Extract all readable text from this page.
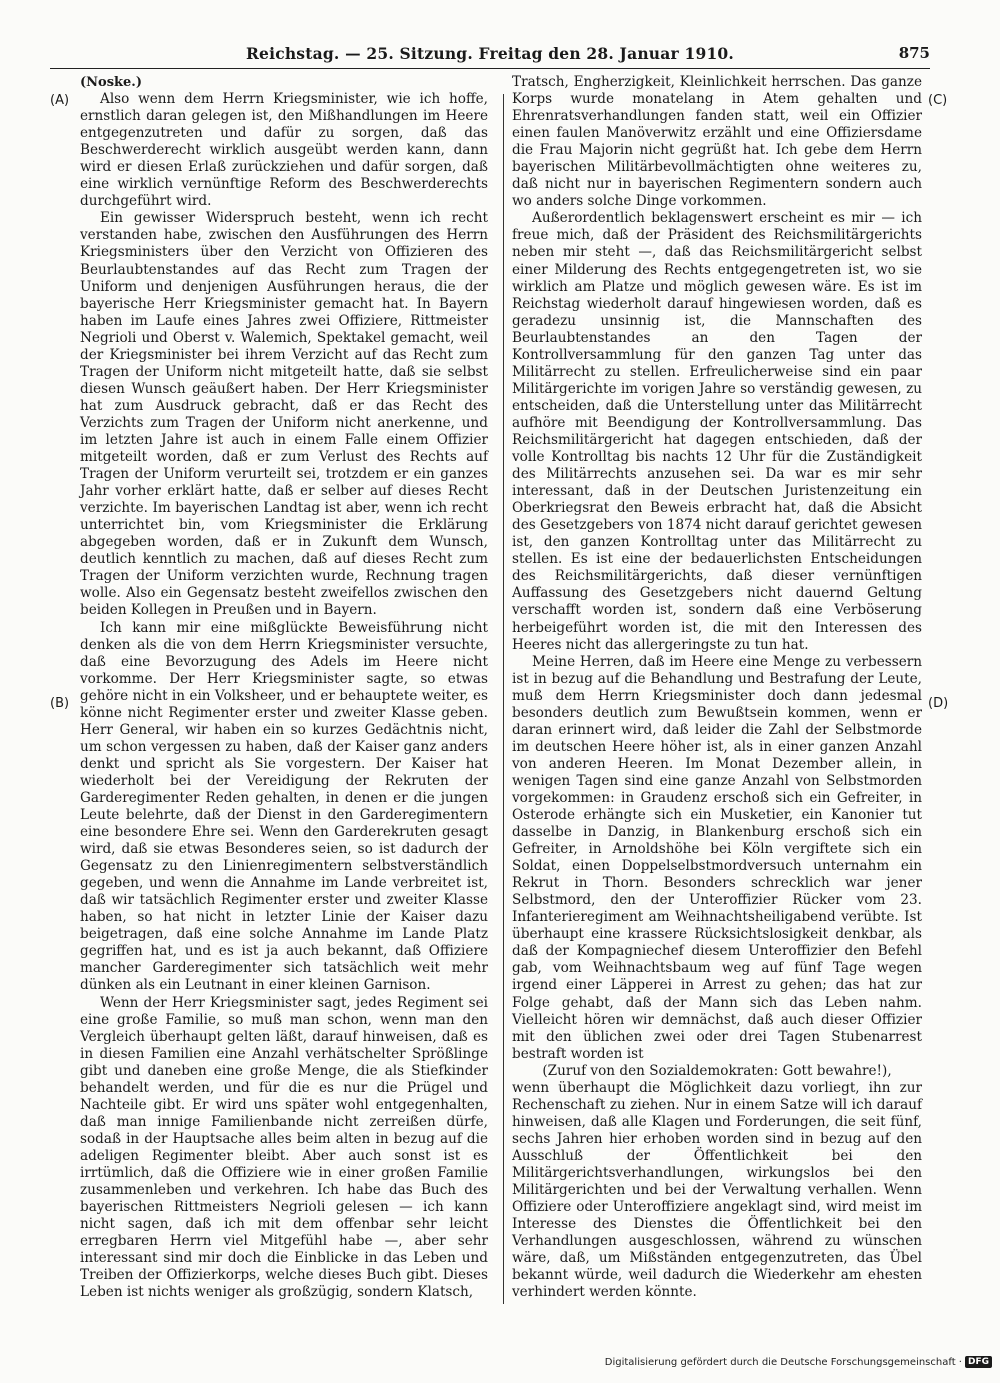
Reichstag. — 25. Sitzung. Freitag den 28. Januar 1910.	875
(A)
(B)
(C)
(D)

(Noske.)

Also wenn dem Herrn Kriegsminister, wie ich hoffe, ernstlich daran gelegen ist, den Mißhandlungen im Heere entgegenzutreten und dafür zu sorgen, daß das Beschwerderecht wirklich ausgeübt werden kann, dann wird er diesen Erlaß zurückziehen und dafür sorgen, daß eine wirklich vernünftige Reform des Beschwerderechts durchgeführt wird.

Ein gewisser Widerspruch besteht, wenn ich recht verstanden habe, zwischen den Ausführungen des Herrn Kriegsministers über den Verzicht von Offizieren des Beurlaubtenstandes auf das Recht zum Tragen der Uniform und denjenigen Ausführungen heraus, die der bayerische Herr Kriegsminister gemacht hat. In Bayern haben im Laufe eines Jahres zwei Offiziere, Rittmeister Negrioli und Oberst v. Walemich, Spektakel gemacht, weil der Kriegsminister bei ihrem Verzicht auf das Recht zum Tragen der Uniform nicht mitgeteilt hatte, daß sie selbst diesen Wunsch geäußert haben. Der Herr Kriegsminister hat zum Ausdruck gebracht, daß er das Recht des Verzichts zum Tragen der Uniform nicht anerkenne, und im letzten Jahre ist auch in einem Falle einem Offizier mitgeteilt worden, daß er zum Verlust des Rechts auf Tragen der Uniform verurteilt sei, trotzdem er ein ganzes Jahr vorher erklärt hatte, daß er selber auf dieses Recht verzichte. Im bayerischen Landtag ist aber, wenn ich recht unterrichtet bin, vom Kriegsminister die Erklärung abgegeben worden, daß er in Zukunft dem Wunsch, deutlich kenntlich zu machen, daß auf dieses Recht zum Tragen der Uniform verzichten wurde, Rechnung tragen wolle. Also ein Gegensatz besteht zweifellos zwischen den beiden Kollegen in Preußen und in Bayern.

Ich kann mir eine mißglückte Beweisführung nicht denken als die von dem Herrn Kriegsminister versuchte, daß eine Bevorzugung des Adels im Heere nicht vorkomme. Der Herr Kriegsminister sagte, so etwas gehöre nicht in ein Volksheer, und er behauptete weiter, es könne nicht Regimenter erster und zweiter Klasse geben. Herr General, wir haben ein so kurzes Gedächtnis nicht, um schon vergessen zu haben, daß der Kaiser ganz anders denkt und spricht als Sie vorgestern. Der Kaiser hat wiederholt bei der Vereidigung der Rekruten der Garderegimenter Reden gehalten, in denen er die jungen Leute belehrte, daß der Dienst in den Garderegimentern eine besondere Ehre sei. Wenn den Garderekruten gesagt wird, daß sie etwas Besonderes seien, so ist dadurch der Gegensatz zu den Linienregimentern selbstverständlich gegeben, und wenn die Annahme im Lande verbreitet ist, daß wir tatsächlich Regimenter erster und zweiter Klasse haben, so hat nicht in letzter Linie der Kaiser dazu beigetragen, daß eine solche Annahme im Lande Platz gegriffen hat, und es ist ja auch bekannt, daß Offiziere mancher Garderegimenter sich tatsächlich weit mehr dünken als ein Leutnant in einer kleinen Garnison.

Wenn der Herr Kriegsminister sagt, jedes Regiment sei eine große Familie, so muß man schon, wenn man den Vergleich überhaupt gelten läßt, darauf hinweisen, daß es in diesen Familien eine Anzahl verhätschelter Sprößlinge gibt und daneben eine große Menge, die als Stiefkinder behandelt werden, und für die es nur die Prügel und Nachteile gibt. Er wird uns später wohl entgegenhalten, daß man innige Familienbande nicht zerreißen dürfe, sodaß in der Hauptsache alles beim alten in bezug auf die adeligen Regimenter bleibt. Aber auch sonst ist es irrtümlich, daß die Offiziere wie in einer großen Familie zusammenleben und verkehren. Ich habe das Buch des bayerischen Rittmeisters Negrioli gelesen — ich kann nicht sagen, daß ich mit dem offenbar sehr leicht erregbaren Herrn viel Mitgefühl habe —, aber sehr interessant sind mir doch die Einblicke in das Leben und Treiben der Offizierkorps, welche dieses Buch gibt. Dieses Leben ist nichts weniger als großzügig, sondern Klatsch,

Tratsch, Engherzigkeit, Kleinlichkeit herrschen. Das ganze Korps wurde monatelang in Atem gehalten und Ehrenratsverhandlungen fanden statt, weil ein Offizier einen faulen Manöverwitz erzählt und eine Offiziersdame die Frau Majorin nicht gegrüßt hat. Ich gebe dem Herrn bayerischen Militärbevollmächtigten ohne weiteres zu, daß nicht nur in bayerischen Regimentern sondern auch wo anders solche Dinge vorkommen.

Außerordentlich beklagenswert erscheint es mir — ich freue mich, daß der Präsident des Reichsmilitärgerichts neben mir steht —, daß das Reichsmilitärgericht selbst einer Milderung des Rechts entgegengetreten ist, wo sie wirklich am Platze und möglich gewesen wäre. Es ist im Reichstag wiederholt darauf hingewiesen worden, daß es geradezu unsinnig ist, die Mannschaften des Beurlaubtenstandes an den Tagen der Kontrollversammlung für den ganzen Tag unter das Militärrecht zu stellen. Erfreulicherweise sind ein paar Militärgerichte im vorigen Jahre so verständig gewesen, zu entscheiden, daß die Unterstellung unter das Militärrecht aufhöre mit Beendigung der Kontrollversammlung. Das Reichsmilitärgericht hat dagegen entschieden, daß der volle Kontrolltag bis nachts 12 Uhr für die Zuständigkeit des Militärrechts anzusehen sei. Da war es mir sehr interessant, daß in der Deutschen Juristenzeitung ein Oberkriegsrat den Beweis erbracht hat, daß die Absicht des Gesetzgebers von 1874 nicht darauf gerichtet gewesen ist, den ganzen Kontrolltag unter das Militärrecht zu stellen. Es ist eine der bedauerlichsten Entscheidungen des Reichsmilitärgerichts, daß dieser vernünftigen Auffassung des Gesetzgebers nicht dauernd Geltung verschafft worden ist, sondern daß eine Verböserung herbeigeführt worden ist, die mit den Interessen des Heeres nicht das allergeringste zu tun hat.

Meine Herren, daß im Heere eine Menge zu verbessern ist in bezug auf die Behandlung und Bestrafung der Leute, muß dem Herrn Kriegsminister doch dann jedesmal besonders deutlich zum Bewußtsein kommen, wenn er daran erinnert wird, daß leider die Zahl der Selbstmorde im deutschen Heere höher ist, als in einer ganzen Anzahl von anderen Heeren. Im Monat Dezember allein, in wenigen Tagen sind eine ganze Anzahl von Selbstmorden vorgekommen: in Graudenz erschoß sich ein Gefreiter, in Osterode erhängte sich ein Musketier, ein Kanonier tut dasselbe in Danzig, in Blankenburg erschoß sich ein Gefreiter, in Arnoldshöhe bei Köln vergiftete sich ein Soldat, einen Doppelselbstmordversuch unternahm ein Rekrut in Thorn. Besonders schrecklich war jener Selbstmord, den der Unteroffizier Rücker vom 23. Infanterieregiment am Weihnachtsheiligabend verübte. Ist überhaupt eine krassere Rücksichtslosigkeit denkbar, als daß der Kompagniechef diesem Unteroffizier den Befehl gab, vom Weihnachtsbaum weg auf fünf Tage wegen irgend einer Läpperei in Arrest zu gehen; das hat zur Folge gehabt, daß der Mann sich das Leben nahm. Vielleicht hören wir demnächst, daß auch dieser Offizier mit den üblichen zwei oder drei Tagen Stubenarrest bestraft worden ist

(Zuruf von den Sozialdemokraten: Gott bewahre!),

wenn überhaupt die Möglichkeit dazu vorliegt, ihn zur Rechenschaft zu ziehen. Nur in einem Satze will ich darauf hinweisen, daß alle Klagen und Forderungen, die seit fünf, sechs Jahren hier erhoben worden sind in bezug auf den Ausschluß der Öffentlichkeit bei den Militärgerichtsverhandlungen, wirkungslos bei den Militärgerichten und bei der Verwaltung verhallen. Wenn Offiziere oder Unteroffiziere angeklagt sind, wird meist im Interesse des Dienstes die Öffentlichkeit bei den Verhandlungen ausgeschlossen, während zu wünschen wäre, daß, um Mißständen entgegenzutreten, das Übel bekannt würde, weil dadurch die Wiederkehr am ehesten verhindert werden könnte.

Digitalisierung gefördert durch die Deutsche Forschungsgemeinschaft · DFG
